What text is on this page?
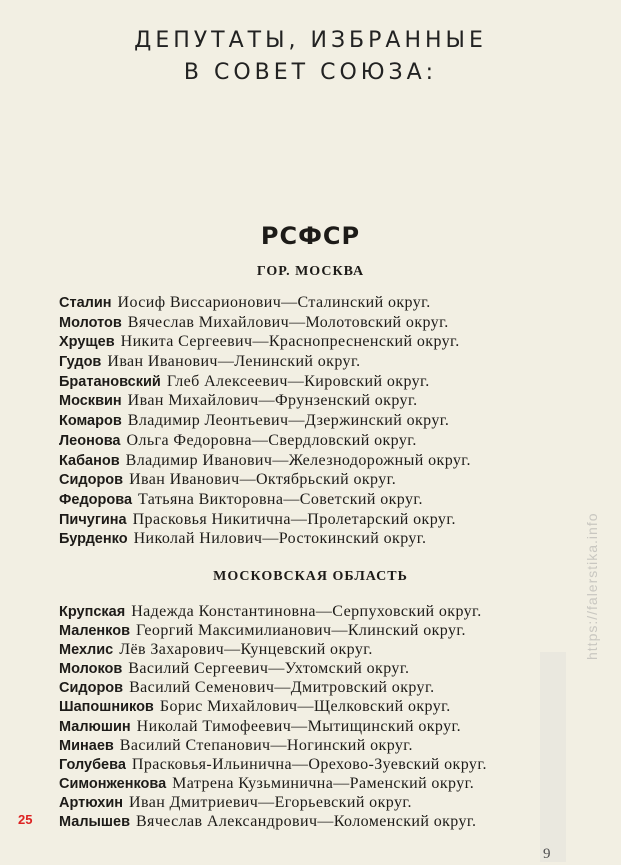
ДЕПУТАТЫ, ИЗБРАННЫЕ
В СОВЕТ СОЮЗА:
РСФСР
ГОР. МОСКВА
Сталин Иосиф Виссарионович—Сталинский округ.
Молотов Вячеслав Михайлович—Молотовский округ.
Хрущев Никита Сергеевич—Краснопресненский округ.
Гудов Иван Иванович—Ленинский округ.
Братановский Глеб Алексеевич—Кировский округ.
Москвин Иван Михайлович—Фрунзенский округ.
Комаров Владимир Леонтьевич—Дзержинский округ.
Леонова Ольга Федоровна—Свердловский округ.
Кабанов Владимир Иванович—Железнодорожный округ.
Сидоров Иван Иванович—Октябрьский округ.
Федорова Татьяна Викторовна—Советский округ.
Пичугина Прасковья Никитична—Пролетарский округ.
Бурденко Николай Нилович—Ростокинский округ.
МОСКОВСКАЯ ОБЛАСТЬ
Крупская Надежда Константиновна—Серпуховский округ.
Маленков Георгий Максимилианович—Клинский округ.
Мехлис Лёв Захарович—Кунцевский округ.
Молоков Василий Сергеевич—Ухтомский округ.
Сидоров Василий Семенович—Дмитровский округ.
Шапошников Борис Михайлович—Щелковский округ.
Малюшин Николай Тимофеевич—Мытищинский округ.
Минаев Василий Степанович—Ногинский округ.
Голубева Прасковья-Ильинична—Орехово-Зуевский округ.
Симонженкова Матрена Кузьминична—Раменский округ.
Артюхин Иван Дмитриевич—Егорьевский округ.
Малышев Вячеслав Александрович—Коломенский округ.
25
9
https://falerstika.info
